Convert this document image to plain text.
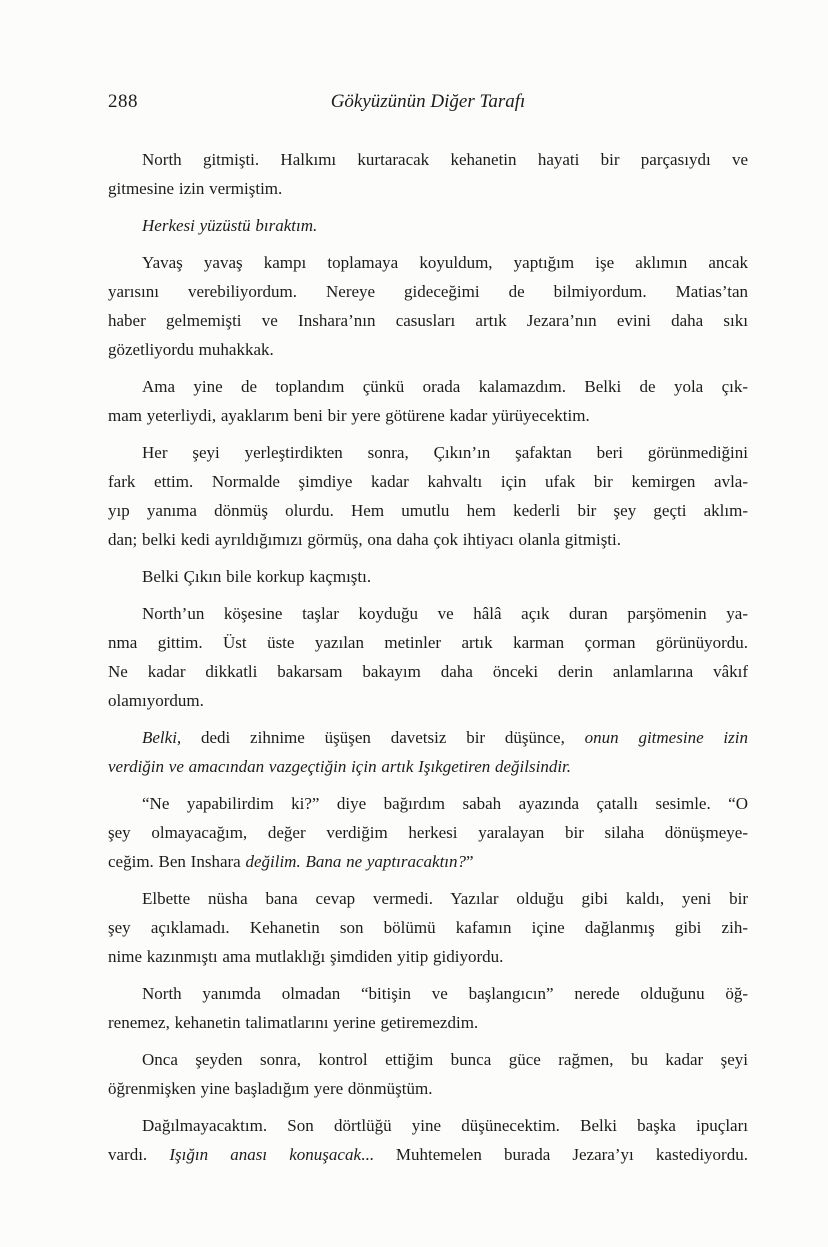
288	Gökyüzünün Diğer Tarafı
North gitmişti. Halkımı kurtaracak kehanetin hayati bir parçasıydı ve
gitmesine izin vermiştim.
Herkesi yüzüstü bıraktım.
Yavaş yavaş kampı toplamaya koyuldum, yaptığım işe aklımın ancak
yarısını verebiliyordum. Nereye gideceğimi de bilmiyordum. Matias’tan
haber gelmemişti ve Inshara’nın casusları artık Jezara’nın evini daha sıkı
gözetliyordu muhakkak.
Ama yine de toplandım çünkü orada kalamazdım. Belki de yola çık-
mam yeterliydi, ayaklarım beni bir yere götürene kadar yürüyecektim.
Her şeyi yerleştirdikten sonra, Çıkın’ın şafaktan beri görünmediğini
fark ettim. Normalde şimdiye kadar kahvaltı için ufak bir kemirgen avla-
yıp yanıma dönmüş olurdu. Hem umutlu hem kederli bir şey geçti aklım-
dan; belki kedi ayrıldığımızı görmüş, ona daha çok ihtiyacı olanla gitmişti.
Belki Çıkın bile korkup kaçmıştı.
North’un köşesine taşlar koyduğu ve hâlâ açık duran parşömenin ya-
nma gittim. Üst üste yazılan metinler artık karman çorman görünüyordu.
Ne kadar dikkatli bakarsam bakayım daha önceki derin anlamlarına vâkıf
olamıyordum.
Belki, dedi zihnime üşüşen davetsiz bir düşünce, onun gitmesine izin
verdiğin ve amacından vazgeçtiğin için artık Işıkgetiren değilsindir.
“Ne yapabilirdim ki?” diye bağırdım sabah ayazında çatallı sesimle. “O
şey olmayacağım, değer verdiğim herkesi yaralayan bir silaha dönüşmeye-
ceğim. Ben Inshara değilim. Bana ne yaptıracaktın?”
Elbette nüsha bana cevap vermedi. Yazılar olduğu gibi kaldı, yeni bir
şey açıklamadı. Kehanetin son bölümü kafamın içine dağlanmış gibi zih-
nime kazınmıştı ama mutlaklığı şimdiden yitip gidiyordu.
North yanımda olmadan “bitişin ve başlangıcın” nerede olduğunu öğ-
renemez, kehanetin talimatlarını yerine getiremezdim.
Onca şeyden sonra, kontrol ettiğim bunca güce rağmen, bu kadar şeyi
öğrenmişken yine başladığım yere dönmüştüm.
Dağılmayacaktım. Son dörtlüğü yine düşünecektim. Belki başka ipuçları
vardı. Işığın anası konuşacak... Muhtemelen burada Jezara’yı kastediyordu.
